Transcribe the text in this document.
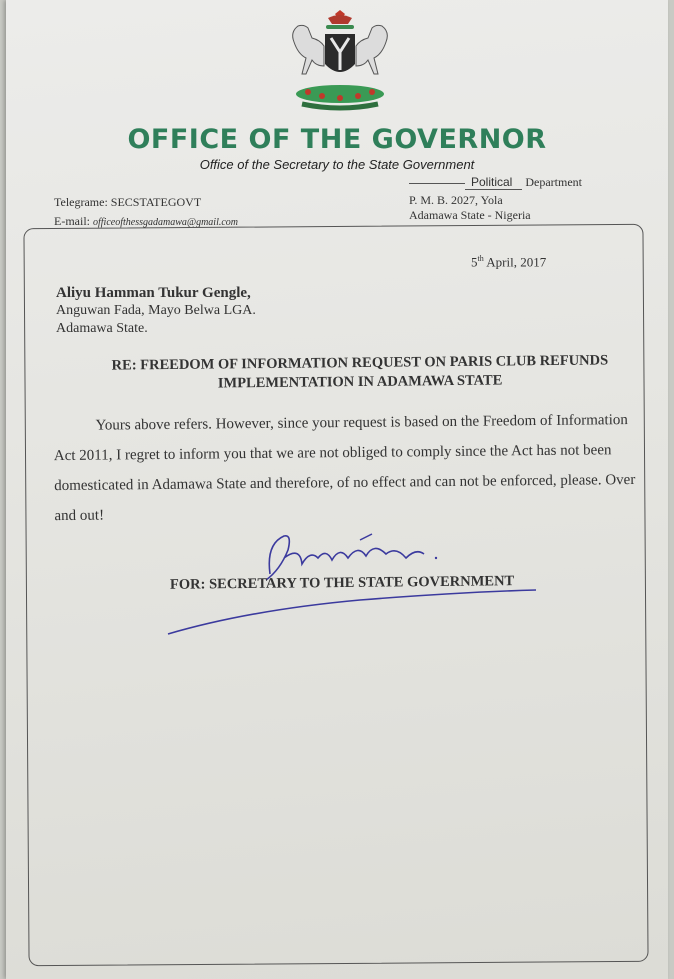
OFFICE OF THE GOVERNOR
Office of the Secretary to the State Government
Telegrame: SECSTATEGOVT
E-mail: officeofthessgadamawa@gmail.com
Political Department
P. M. B. 2027, Yola
Adamawa State - Nigeria
5th April, 2017
Aliyu Hamman Tukur Gengle,
Anguwan Fada, Mayo Belwa LGA.
Adamawa State.
RE: FREEDOM OF INFORMATION REQUEST ON PARIS CLUB REFUNDS
IMPLEMENTATION IN ADAMAWA STATE
Yours above refers. However, since your request is based on the Freedom of Information Act 2011, I regret to inform you that we are not obliged to comply since the Act has not been domesticated in Adamawa State and therefore, of no effect and can not be enforced, please. Over and out!
FOR: SECRETARY TO THE STATE GOVERNMENT
